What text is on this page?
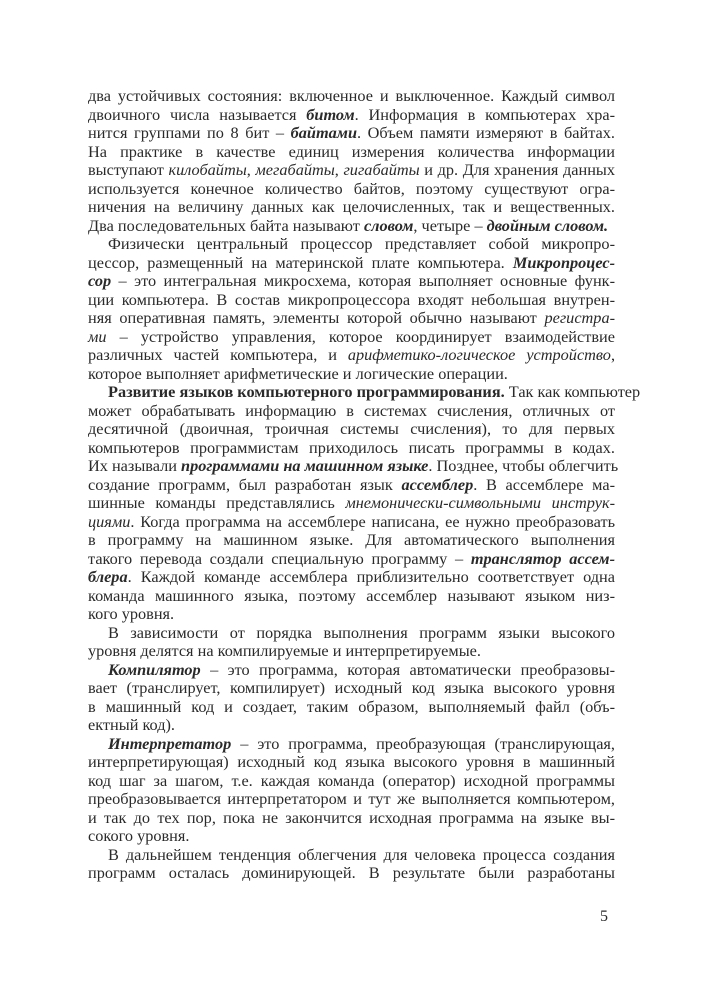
два устойчивых состояния: включенное и выключенное. Каждый символ
двоичного числа называется битом. Информация в компьютерах хра-
нится группами по 8 бит – байтами. Объем памяти измеряют в байтах.
На практике в качестве единиц измерения количества информации
выступают килобайты, мегабайты, гигабайты и др. Для хранения данных
используется конечное количество байтов, поэтому существуют огра-
ничения на величину данных как целочисленных, так и вещественных.
Два последовательных байта называют словом, четыре – двойным словом.
Физически центральный процессор представляет собой микропро-
цессор, размещенный на материнской плате компьютера. Микропроцес-
сор – это интегральная микросхема, которая выполняет основные функ-
ции компьютера. В состав микропроцессора входят небольшая внутрен-
няя оперативная память, элементы которой обычно называют регистра-
ми – устройство управления, которое координирует взаимодействие
различных частей компьютера, и арифметико-логическое устройство,
которое выполняет арифметические и логические операции.
Развитие языков компьютерного программирования. Так как компьютер
может обрабатывать информацию в системах счисления, отличных от
десятичной (двоичная, троичная системы счисления), то для первых
компьютеров программистам приходилось писать программы в кодах.
Их называли программами на машинном языке. Позднее, чтобы облегчить
создание программ, был разработан язык ассемблер. В ассемблере ма-
шинные команды представлялись мнемонически-символьными инструк-
циями. Когда программа на ассемблере написана, ее нужно преобразовать
в программу на машинном языке. Для автоматического выполнения
такого перевода создали специальную программу – транслятор ассем-
блера. Каждой команде ассемблера приблизительно соответствует одна
команда машинного языка, поэтому ассемблер называют языком низ-
кого уровня.
В зависимости от порядка выполнения программ языки высокого
уровня делятся на компилируемые и интерпретируемые.
Компилятор – это программа, которая автоматически преобразовы-
вает (транслирует, компилирует) исходный код языка высокого уровня
в машинный код и создает, таким образом, выполняемый файл (объ-
ектный код).
Интерпретатор – это программа, преобразующая (транслирующая,
интерпретирующая) исходный код языка высокого уровня в машинный
код шаг за шагом, т.е. каждая команда (оператор) исходной программы
преобразовывается интерпретатором и тут же выполняется компьютером,
и так до тех пор, пока не закончится исходная программа на языке вы-
сокого уровня.
В дальнейшем тенденция облегчения для человека процесса создания
программ осталась доминирующей. В результате были разработаны
5
